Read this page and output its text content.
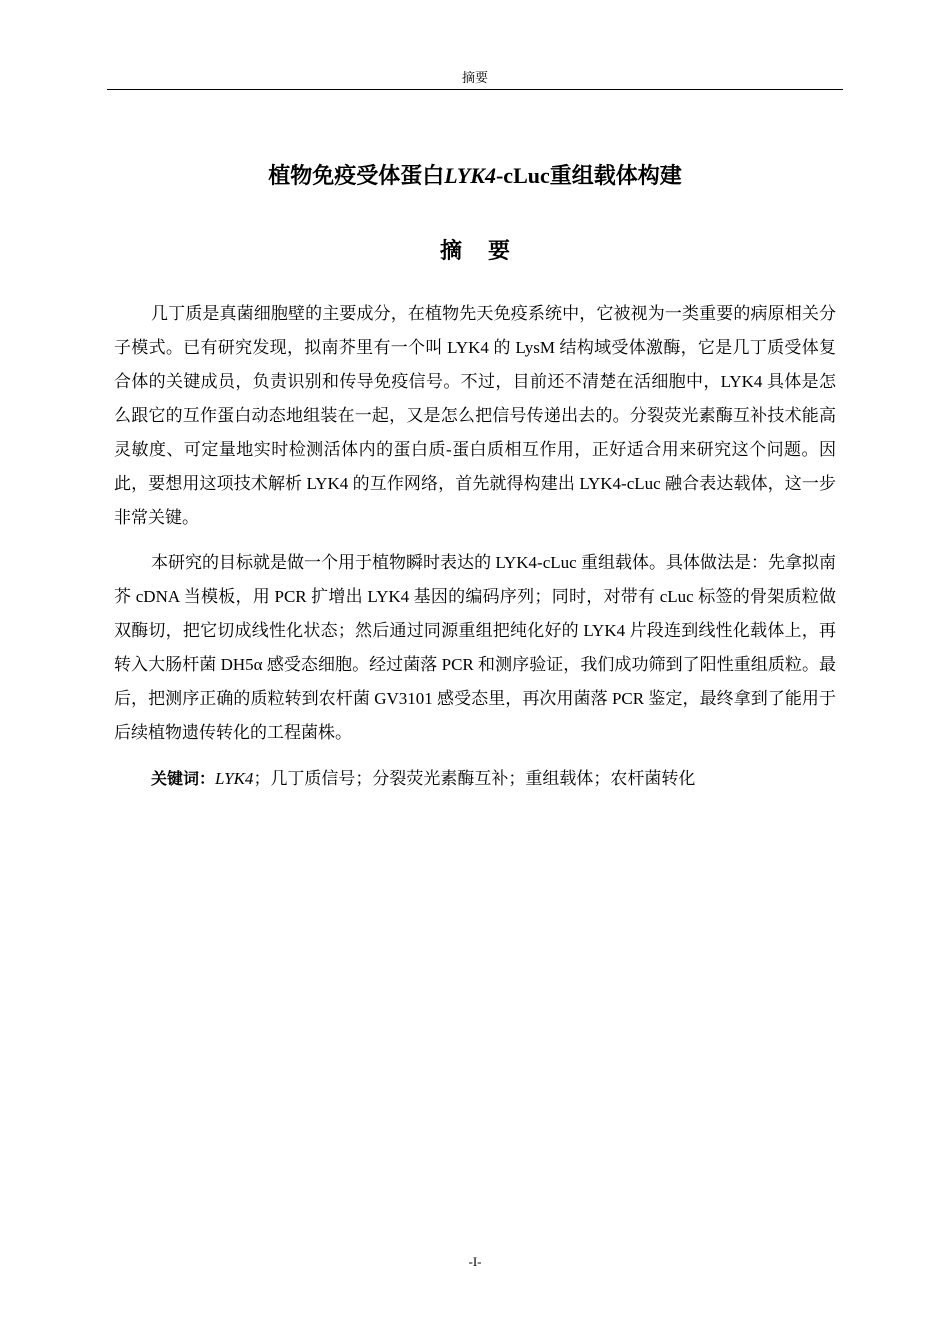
摘要
植物免疫受体蛋白LYK4-cLuc重组载体构建
摘要

几丁质是真菌细胞壁的主要成分，在植物先天免疫系统中，它被视为一类重要的病原相关分子模式。已有研究发现，拟南芥里有一个叫 LYK4 的 LysM 结构域受体激酶，它是几丁质受体复合体的关键成员，负责识别和传导免疫信号。不过，目前还不清楚在活细胞中，LYK4 具体是怎么跟它的互作蛋白动态地组装在一起，又是怎么把信号传递出去的。分裂荧光素酶互补技术能高灵敏度、可定量地实时检测活体内的蛋白质-蛋白质相互作用，正好适合用来研究这个问题。因此，要想用这项技术解析 LYK4 的互作网络，首先就得构建出 LYK4-cLuc 融合表达载体，这一步非常关键。

本研究的目标就是做一个用于植物瞬时表达的 LYK4-cLuc 重组载体。具体做法是：先拿拟南芥 cDNA 当模板，用 PCR 扩增出 LYK4 基因的编码序列；同时，对带有 cLuc 标签的骨架质粒做双酶切，把它切成线性化状态；然后通过同源重组把纯化好的 LYK4 片段连到线性化载体上，再转入大肠杆菌 DH5α 感受态细胞。经过菌落 PCR 和测序验证，我们成功筛到了阳性重组质粒。最后，把测序正确的质粒转到农杆菌 GV3101 感受态里，再次用菌落 PCR 鉴定，最终拿到了能用于后续植物遗传转化的工程菌株。

关键词：LYK4；几丁质信号；分裂荧光素酶互补；重组载体；农杆菌转化

-I-
